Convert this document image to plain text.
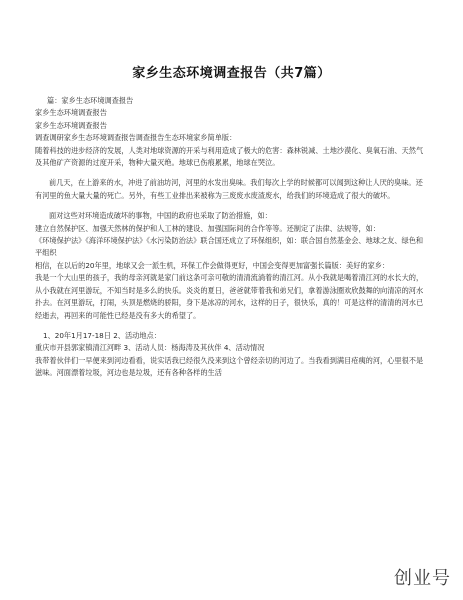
家乡生态环境调查报告（共7篇）

篇：家乡生态环境调查报告

家乡生态环境调查报告

家乡生态环境调查报告

调查调研家乡生态环境调查报告调查报告生态环境家乡简单版：

随着科技的进步经济的发展，人类对地球资源的开采与利用造成了极大的危害：森林锐减、土地沙漠化、臭氧石油、天然气及其他矿产资源的过度开采，物种大量灭绝。地球已伤痕累累，地球在哭泣。

前几天，在上游来的水，冲进了前油坊河，河里的水发出臭味。我们每次上学的时候都可以闻到这种让人厌的臭味。还有河里的鱼大量大量的死亡。另外，有些工业排出来被称为三废废水废渣废水，给我们的环境造成了很大的破坏。

面对这些对环境造成破坏的事物，中国的政府也采取了防治措施，如：

建立自然保护区、加强天然林的保护和人工林的建设、加强国际间的合作等等。还制定了法律、法规等，如：

《环境保护法》《海洋环境保护法》《水污染防治法》联合国还成立了环保组织，如：联合国自然基金会、地球之友、绿色和平组织

相信，在以后的20年里，地球又会一派生机，环保工作会做得更好，中国会变得更加富强长篇版：美好的家乡：

我是一个大山里的孩子，我的母亲河就是家门前这条可亲可敬的清清流淌着的清江河。从小我就是喝着清江河的水长大的，从小我就在河里游玩，不知当时是多么的快乐。炎炎的夏日，爸爸就带着我和弟兄们，拿着游泳圈欢欣鼓舞的向清凉的河水扑去。在河里游玩，打闹，头顶是燃烧的骄阳，身下是冰凉的河水，这样的日子，很快乐，真的！可是这样的清清的河水已经逝去，再回来的可能性已经是没有多大的希望了。

1、20年1月17-18日 2、活动地点：

重庆市开县郭家镇清江河畔 3、活动人员：杨海涛及其伙伴 4、活动情况

我带着伙伴们一早便来到河边看看，说实话我已经很久没来到这个曾经亲切的河边了。当我看到满目疮痍的河，心里很不是滋味。河面漂着垃圾，河边也是垃圾，还有各种各样的生活

创业号
